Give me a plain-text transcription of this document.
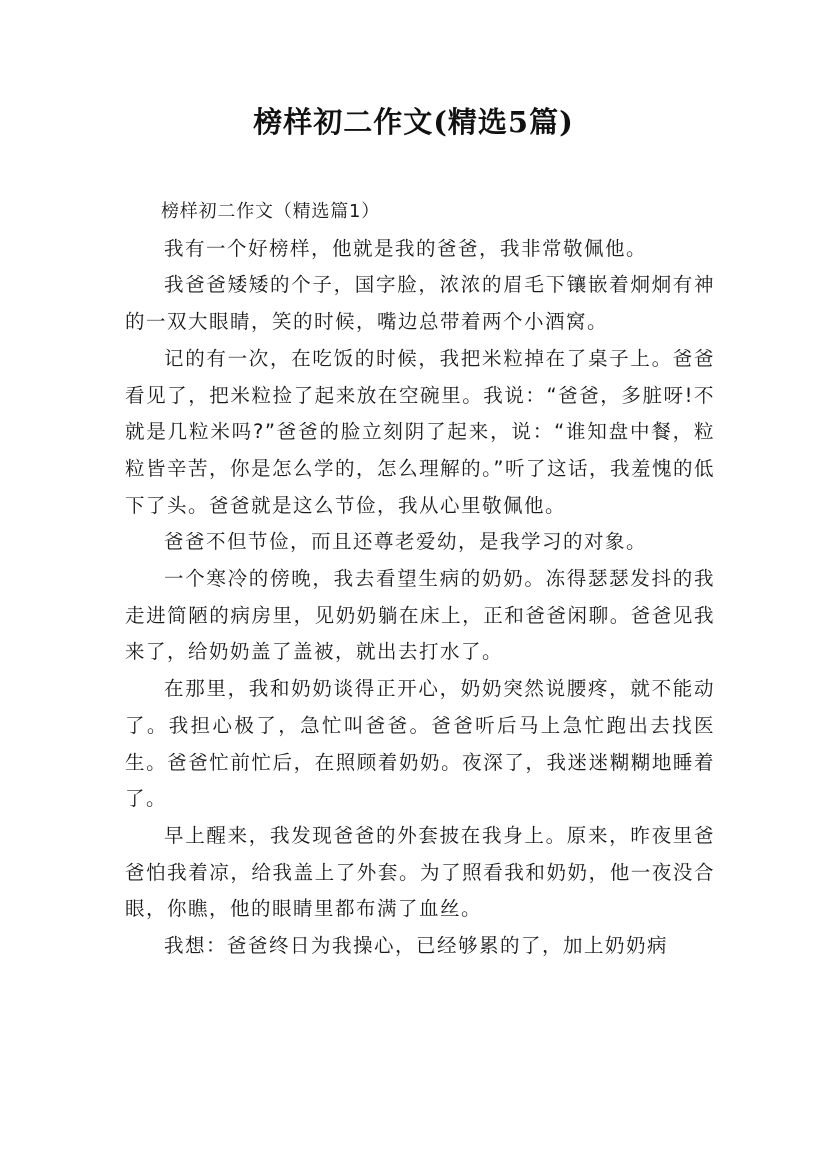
榜样初二作文(精选5篇)

榜样初二作文（精选篇1）

我有一个好榜样，他就是我的爸爸，我非常敬佩他。

我爸爸矮矮的个子，国字脸，浓浓的眉毛下镶嵌着炯炯有神的一双大眼睛，笑的时候，嘴边总带着两个小酒窝。

记的有一次，在吃饭的时候，我把米粒掉在了桌子上。爸爸看见了，把米粒捡了起来放在空碗里。我说：“爸爸，多脏呀!不就是几粒米吗?”爸爸的脸立刻阴了起来，说：“谁知盘中餐，粒粒皆辛苦，你是怎么学的，怎么理解的。”听了这话，我羞愧的低下了头。爸爸就是这么节俭，我从心里敬佩他。

爸爸不但节俭，而且还尊老爱幼，是我学习的对象。

一个寒冷的傍晚，我去看望生病的奶奶。冻得瑟瑟发抖的我走进简陋的病房里，见奶奶躺在床上，正和爸爸闲聊。爸爸见我来了，给奶奶盖了盖被，就出去打水了。

在那里，我和奶奶谈得正开心，奶奶突然说腰疼，就不能动了。我担心极了，急忙叫爸爸。爸爸听后马上急忙跑出去找医生。爸爸忙前忙后，在照顾着奶奶。夜深了，我迷迷糊糊地睡着了。

早上醒来，我发现爸爸的外套披在我身上。原来，昨夜里爸爸怕我着凉，给我盖上了外套。为了照看我和奶奶，他一夜没合眼，你瞧，他的眼睛里都布满了血丝。

我想：爸爸终日为我操心，已经够累的了，加上奶奶病
